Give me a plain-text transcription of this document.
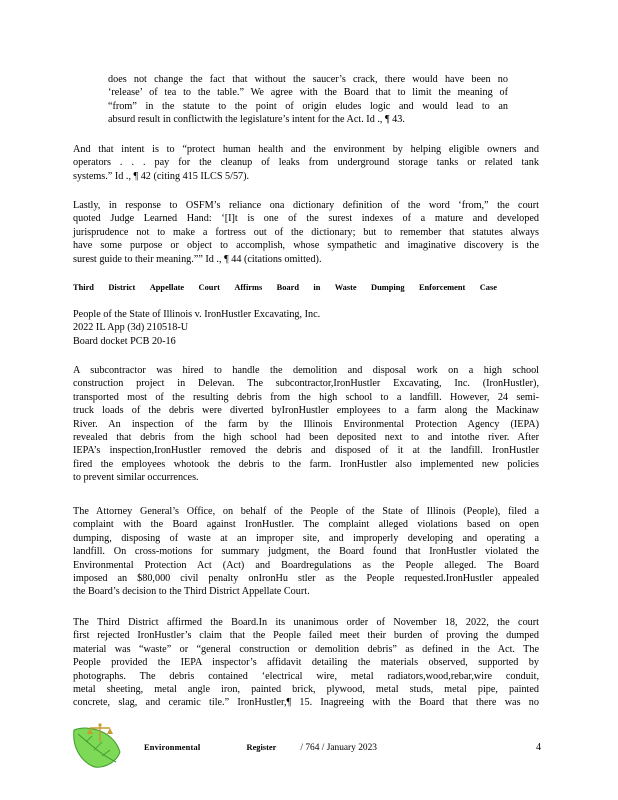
does not change the fact that without the saucer’s crack, there would have been no
‘release’ of tea to the table.” We agree with the Board that to limit the meaning of
“from” in the statute to the point of origin eludes logic and would lead to an
absurd result in conflictwith the legislature’s intent for the Act. Id ., ¶ 43.
And that intent is to “protect human health and the environment by helping eligible owners and
operators . . . pay for the cleanup of leaks from underground storage tanks or related tank
systems.” Id ., ¶ 42 (citing 415 ILCS 5/57).
Lastly, in response to OSFM’s reliance ona dictionary definition of the word ‘from,” the court
quoted Judge Learned Hand: ‘[I]t is one of the surest indexes of a mature and developed
jurisprudence not to make a fortress out of the dictionary; but to remember that statutes always
have some purpose or object to accomplish, whose sympathetic and imaginative discovery is the
surest guide to their meaning.”” Id ., ¶ 44 (citations omitted).
Third District Appellate Court Affirms Board in Waste Dumping Enforcement Case
People of the State of Illinois v. IronHustler Excavating, Inc.
2022 IL App (3d) 210518-U
Board docket PCB 20-16
A subcontractor was hired to handle the demolition and disposal work on a high school
construction project in Delevan. The subcontractor,IronHustler Excavating, Inc. (IronHustler),
transported most of the resulting debris from the high school to a landfill. However, 24 semi-
truck loads of the debris were diverted byIronHustler employees to a farm along the Mackinaw
River. An inspection of the farm by the Illinois Environmental Protection Agency (IEPA)
revealed that debris from the high school had been deposited next to and intothe river. After
IEPA’s inspection,IronHustler removed the debris and disposed of it at the landfill. IronHustler
fired the employees whotook the debris to the farm. IronHustler also implemented new policies
to prevent similar occurrences.
The Attorney General’s Office, on behalf of the People of the State of Illinois (People), filed a
complaint with the Board against IronHustler. The complaint alleged violations based on open
dumping, disposing of waste at an improper site, and improperly developing and operating a
landfill. On cross-motions for summary judgment, the Board found that IronHustler violated the
Environmental Protection Act (Act) and Boardregulations as the People alleged. The Board
imposed an $80,000 civil penalty onIronHu stler as the People requested.IronHustler appealed
the Board’s decision to the Third District Appellate Court.
The Third District affirmed the Board.In its unanimous order of November 18, 2022, the court
first rejected IronHustler’s claim that the People failed meet their burden of proving the dumped
material was “waste” or “general construction or demolition debris” as defined in the Act. The
People provided the IEPA inspector’s affidavit detailing the materials observed, supported by
photographs. The debris contained ‘electrical wire, metal radiators,wood,rebar,wire conduit,
metal sheeting, metal angle iron, painted brick, plywood, metal studs, metal pipe, painted
concrete, slag, and ceramic tile.” IronHustler,¶ 15. Inagreeing with the Board that there was no
Environmental	Register	/ 764 / January 2023	4
